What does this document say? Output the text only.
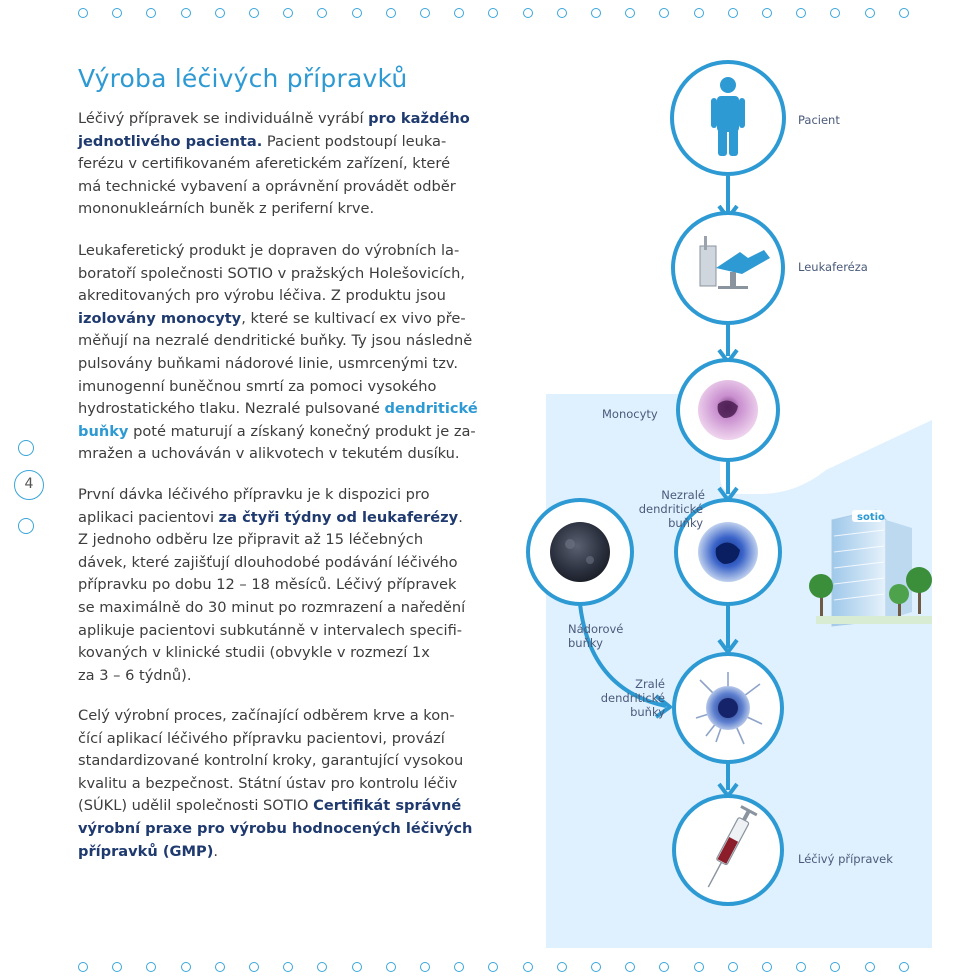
4
Výroba léčivých přípravků
Léčivý přípravek se individuálně vyrábí pro každého
jednotlivého pacienta. Pacient podstoupí leuka-
ferézu v certifikovaném aferetickém zařízení, které
má technické vybavení a oprávnění provádět odběr
mononukleárních buněk z periferní krve.
Leukaferetický produkt je dopraven do výrobních la-
boratoří společnosti SOTIO v pražských Holešovicích,
akreditovaných pro výrobu léčiva. Z produktu jsou
izolovány monocyty, které se kultivací ex vivo pře-
měňují na nezralé dendritické buňky. Ty jsou následně
pulsovány buňkami nádorové linie, usmrcenými tzv.
imunogenní buněčnou smrtí za pomoci vysokého
hydrostatického tlaku. Nezralé pulsované dendritické
buňky poté maturují a získaný konečný produkt je za-
mražen a uchováván v alikvotech v tekutém dusíku.
První dávka léčivého přípravku je k dispozici pro
aplikaci pacientovi za čtyři týdny od leukaferézy.
Z jednoho odběru lze připravit až 15 léčebných
dávek, které zajišťují dlouhodobé podávání léčivého
přípravku po dobu 12 – 18 měsíců. Léčivý přípravek
se maximálně do 30 minut po rozmrazení a naředění
aplikuje pacientovi subkutánně v intervalech specifi-
kovaných v klinické studii (obvykle v rozmezí 1x
za 3 – 6 týdnů).
Celý výrobní proces, začínající odběrem krve a kon-
čící aplikací léčivého přípravku pacientovi, provází
standardizované kontrolní kroky, garantující vysokou
kvalitu a bezpečnost. Státní ústav pro kontrolu léčiv
(SÚKL) udělil společnosti SOTIO Certifikát správné
výrobní praxe pro výrobu hodnocených léčivých
přípravků (GMP).
Pacient
Leukaferéza
Monocyty
Nezralé
dendritické
buňky
Nádorové
buňky
Zralé
dendritické
buňky
Léčivý přípravek
sotio
